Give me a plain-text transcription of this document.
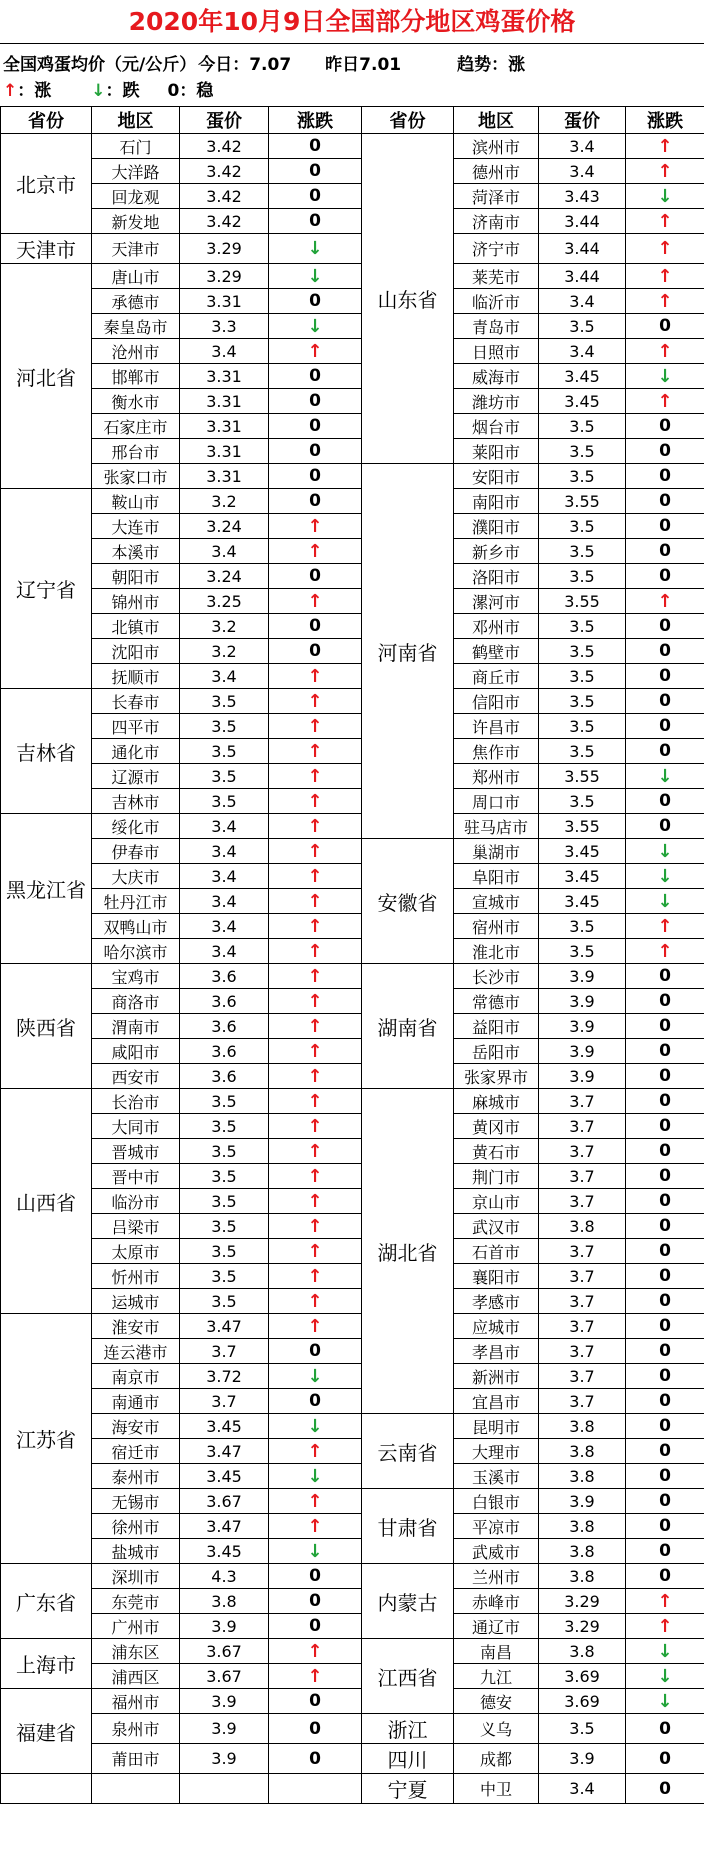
2020年10月9日全国部分地区鸡蛋价格
全国鸡蛋均价（元/公斤） 今日：7.07 昨日7.01	趋势：涨
↑：涨 ↓：跌 0：稳
省份	地区	蛋价	涨跌	省份	地区	蛋价	涨跌
北京市	石门	3.42	0	山东省	滨州市	3.4	↑
	大洋路	3.42	0		德州市	3.4	↑
	回龙观	3.42	0		菏泽市	3.43	↓
	新发地	3.42	0		济南市	3.44	↑
天津市	天津市	3.29	↓		济宁市	3.44	↑
河北省	唐山市	3.29	↓		莱芜市	3.44	↑
	承德市	3.31	0		临沂市	3.4	↑
	秦皇岛市	3.3	↓		青岛市	3.5	0
	沧州市	3.4	↑		日照市	3.4	↑
	邯郸市	3.31	0		威海市	3.45	↓
	衡水市	3.31	0		潍坊市	3.45	↑
	石家庄市	3.31	0		烟台市	3.5	0
	邢台市	3.31	0		莱阳市	3.5	0
	张家口市	3.31	0	河南省	安阳市	3.5	0
辽宁省	鞍山市	3.2	0		南阳市	3.55	0
	大连市	3.24	↑		濮阳市	3.5	0
	本溪市	3.4	↑		新乡市	3.5	0
	朝阳市	3.24	0		洛阳市	3.5	0
	锦州市	3.25	↑		漯河市	3.55	↑
	北镇市	3.2	0		邓州市	3.5	0
	沈阳市	3.2	0		鹤壁市	3.5	0
	抚顺市	3.4	↑		商丘市	3.5	0
吉林省	长春市	3.5	↑		信阳市	3.5	0
	四平市	3.5	↑		许昌市	3.5	0
	通化市	3.5	↑		焦作市	3.5	0
	辽源市	3.5	↑		郑州市	3.55	↓
	吉林市	3.5	↑		周口市	3.5	0
黑龙江省	绥化市	3.4	↑		驻马店市	3.55	0
	伊春市	3.4	↑	安徽省	巢湖市	3.45	↓
	大庆市	3.4	↑		阜阳市	3.45	↓
	牡丹江市	3.4	↑		宣城市	3.45	↓
	双鸭山市	3.4	↑		宿州市	3.5	↑
	哈尔滨市	3.4	↑		淮北市	3.5	↑
陕西省	宝鸡市	3.6	↑	湖南省	长沙市	3.9	0
	商洛市	3.6	↑		常德市	3.9	0
	渭南市	3.6	↑		益阳市	3.9	0
	咸阳市	3.6	↑		岳阳市	3.9	0
	西安市	3.6	↑		张家界市	3.9	0
山西省	长治市	3.5	↑	湖北省	麻城市	3.7	0
	大同市	3.5	↑		黄冈市	3.7	0
	晋城市	3.5	↑		黄石市	3.7	0
	晋中市	3.5	↑		荆门市	3.7	0
	临汾市	3.5	↑		京山市	3.7	0
	吕梁市	3.5	↑		武汉市	3.8	0
	太原市	3.5	↑		石首市	3.7	0
	忻州市	3.5	↑		襄阳市	3.7	0
	运城市	3.5	↑		孝感市	3.7	0
江苏省	淮安市	3.47	↑		应城市	3.7	0
	连云港市	3.7	0		孝昌市	3.7	0
	南京市	3.72	↓		新洲市	3.7	0
	南通市	3.7	0		宜昌市	3.7	0
	海安市	3.45	↓	云南省	昆明市	3.8	0
	宿迁市	3.47	↑		大理市	3.8	0
	泰州市	3.45	↓		玉溪市	3.8	0
	无锡市	3.67	↑	甘肃省	白银市	3.9	0
	徐州市	3.47	↑		平凉市	3.8	0
	盐城市	3.45	↓		武威市	3.8	0
广东省	深圳市	4.3	0	内蒙古	兰州市	3.8	0
	东莞市	3.8	0		赤峰市	3.29	↑
	广州市	3.9	0		通辽市	3.29	↑
上海市	浦东区	3.67	↑	江西省	南昌	3.8	↓
	浦西区	3.67	↑		九江	3.69	↓
福建省	福州市	3.9	0		德安	3.69	↓
	泉州市	3.9	0	浙江	义乌	3.5	0
	莆田市	3.9	0	四川	成都	3.9	0
				宁夏	中卫	3.4	0
